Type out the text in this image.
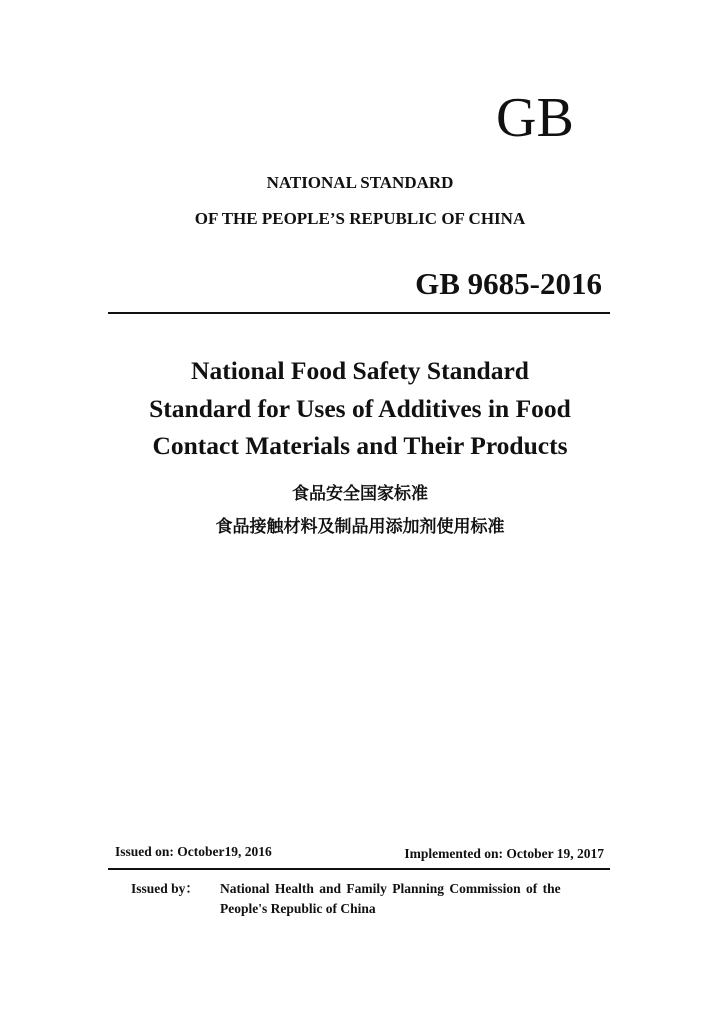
GB
NATIONAL STANDARD
OF THE PEOPLE’S REPUBLIC OF CHINA
GB 9685-2016
National Food Safety Standard
Standard for Uses of Additives in Food
Contact Materials and Their Products
食品安全国家标准
食品接触材料及制品用添加剂使用标准
Issued on: October19, 2016	Implemented on: October 19, 2017
Issued by： National Health and Family Planning Commission of the
People's Republic of China
